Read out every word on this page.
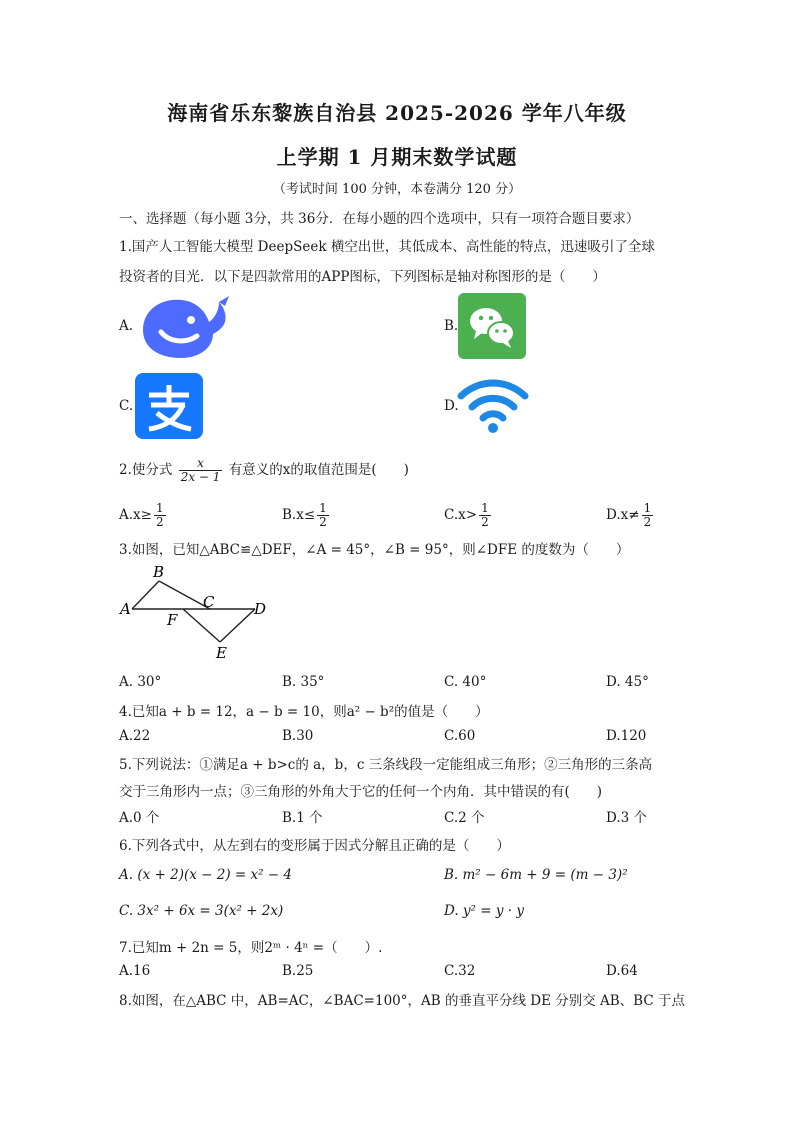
海南省乐东黎族自治县 2025-2026 学年八年级
上学期 1 月期末数学试题
（考试时间 100 分钟，本卷满分 120 分）
一、选择题（每小题 3分，共 36分．在每小题的四个选项中，只有一项符合题目要求）
1.国产人工智能大模型 DeepSeek 横空出世，其低成本、高性能的特点，迅速吸引了全球
投资者的目光．以下是四款常用的APP图标，下列图标是轴对称图形的是（　　）
A.	B.
C.	D.
2.使分式 $\frac{x}{2x - 1}$ 有意义的x的取值范围是(　　)
$A.x\ge \frac{1}{2}$	$B.x\le \frac{1}{2}$	$C.x> \frac{1}{2}$	$D.x\ne \frac{1}{2}$
3.如图，已知△ABC≌△DEF，∠A = 45°，∠B = 95°，则∠DFE 的度数为（　　）
A
B
C	D
E
F
A. 30°	B. 35°	C. 40°	D. 45°
4.已知a + b = 12，a − b = 10，则a² − b²的值是（　　）
A.22	B.30	C.60	D.120
5.下列说法：①满足a + b>c的 a，b，c 三条线段一定能组成三角形；②三角形的三条高
交于三角形内一点；③三角形的外角大于它的任何一个内角．其中错误的有(　　)
A.0 个	B.1 个	C.2 个	D.3 个
6.下列各式中，从左到右的变形属于因式分解且正确的是（　　）
A. (x + 2)(x − 2) = x² − 4	B. m² − 6m + 9 = (m − 3)²
C. 3x² + 6x = 3(x² + 2x)	D. y² = y · y
7.已知m + 2n = 5，则2ᵐ · 4ⁿ =（　　）.
A.16	B.25	C.32	D.64
8.如图，在△ABC 中，AB=AC，∠BAC=100°，AB 的垂直平分线 DE 分别交 AB、BC 于点
